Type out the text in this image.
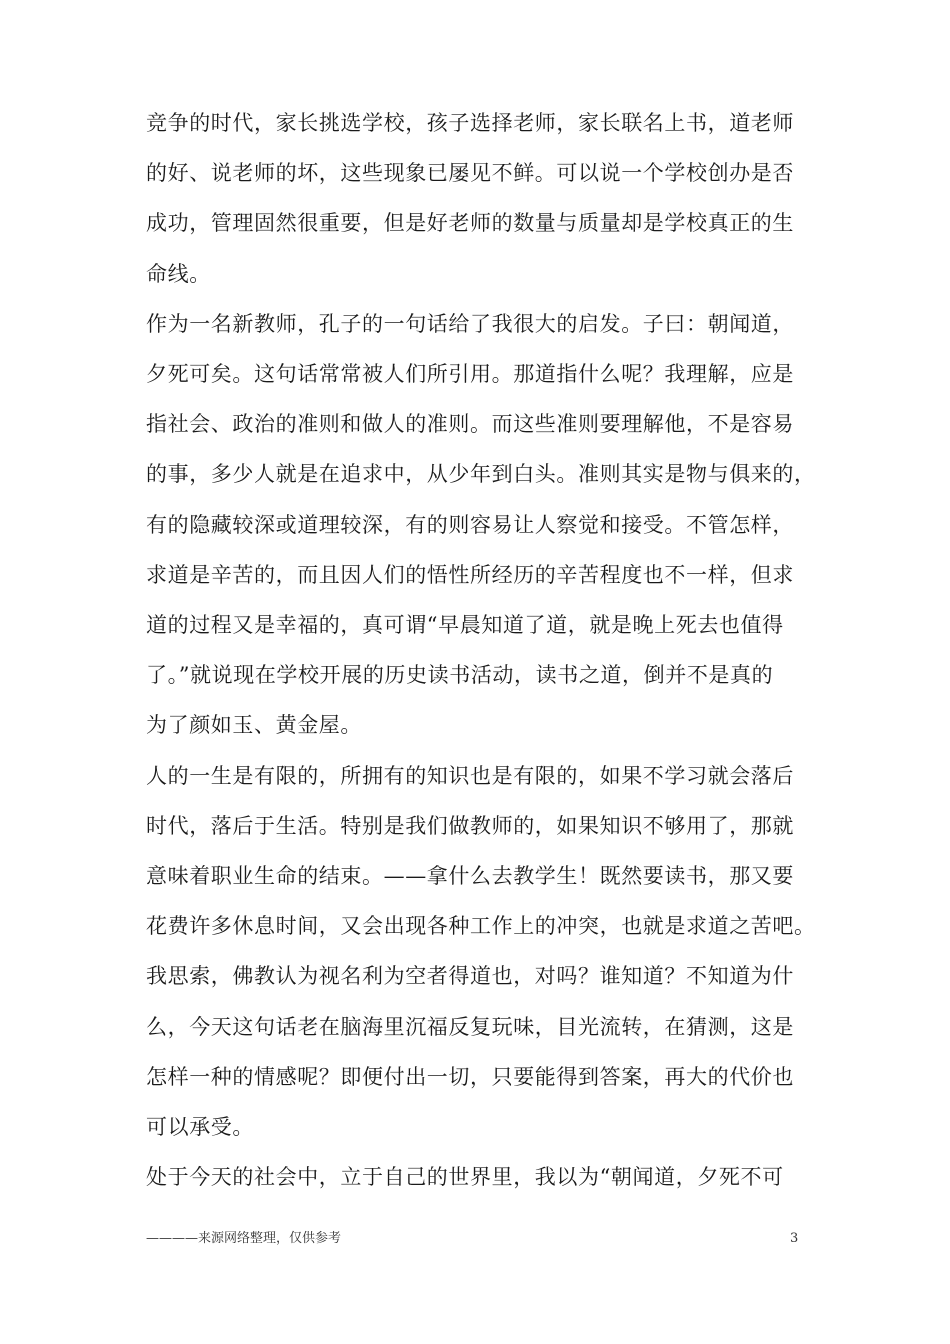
竞争的时代，家长挑选学校，孩子选择老师，家长联名上书，道老师
的好、说老师的坏，这些现象已屡见不鲜。可以说一个学校创办是否
成功，管理固然很重要，但是好老师的数量与质量却是学校真正的生
命线。

作为一名新教师，孔子的一句话给了我很大的启发。子曰：朝闻道，
夕死可矣。这句话常常被人们所引用。那道指什么呢？我理解，应是
指社会、政治的准则和做人的准则。而这些准则要理解他，不是容易
的事，多少人就是在追求中，从少年到白头。准则其实是物与俱来的，
有的隐藏较深或道理较深，有的则容易让人察觉和接受。不管怎样，
求道是辛苦的，而且因人们的悟性所经历的辛苦程度也不一样，但求
道的过程又是幸福的，真可谓“早晨知道了道，就是晚上死去也值得
了。”就说现在学校开展的历史读书活动，读书之道，倒并不是真的
为了颜如玉、黄金屋。

人的一生是有限的，所拥有的知识也是有限的，如果不学习就会落后
时代，落后于生活。特别是我们做教师的，如果知识不够用了，那就
意味着职业生命的结束。——拿什么去教学生！既然要读书，那又要
花费许多休息时间，又会出现各种工作上的冲突，也就是求道之苦吧。
我思索，佛教认为视名利为空者得道也，对吗？谁知道？不知道为什
么，今天这句话老在脑海里沉福反复玩味，目光流转，在猜测，这是
怎样一种的情感呢？即便付出一切，只要能得到答案，再大的代价也
可以承受。

处于今天的社会中，立于自己的世界里，我以为“朝闻道，夕死不可

————来源网络整理，仅供参考	3
